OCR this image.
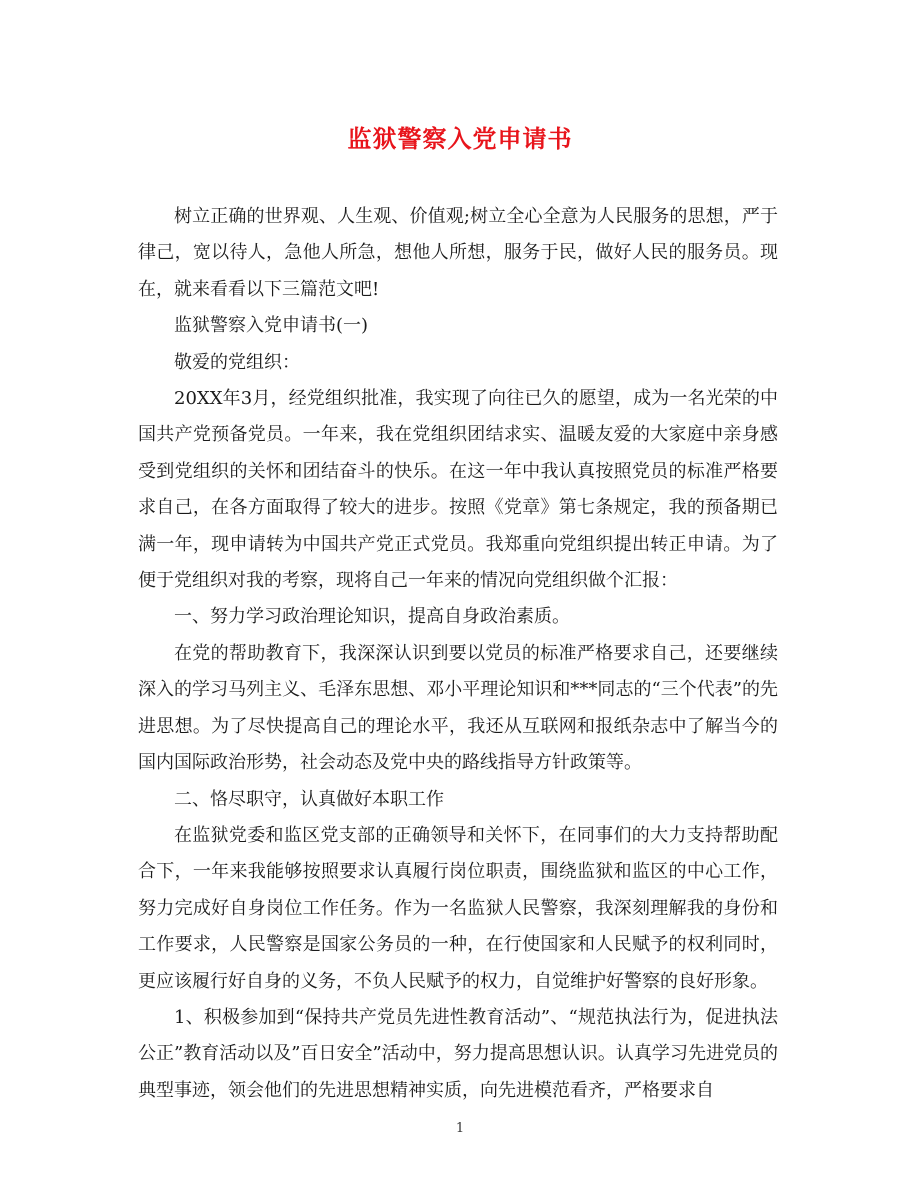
监狱警察入党申请书

树立正确的世界观、人生观、价值观;树立全心全意为人民服务的思想，严于律己，宽以待人，急他人所急，想他人所想，服务于民，做好人民的服务员。现在，就来看看以下三篇范文吧!

监狱警察入党申请书(一)

敬爱的党组织：

20XX年3月，经党组织批准，我实现了向往已久的愿望，成为一名光荣的中国共产党预备党员。一年来，我在党组织团结求实、温暖友爱的大家庭中亲身感受到党组织的关怀和团结奋斗的快乐。在这一年中我认真按照党员的标准严格要求自己，在各方面取得了较大的进步。按照《党章》第七条规定，我的预备期已满一年，现申请转为中国共产党正式党员。我郑重向党组织提出转正申请。为了便于党组织对我的考察，现将自己一年来的情况向党组织做个汇报：

一、努力学习政治理论知识，提高自身政治素质。

在党的帮助教育下，我深深认识到要以党员的标准严格要求自己，还要继续深入的学习马列主义、毛泽东思想、邓小平理论知识和***同志的“三个代表”的先进思想。为了尽快提高自己的理论水平，我还从互联网和报纸杂志中了解当今的国内国际政治形势，社会动态及党中央的路线指导方针政策等。

二、恪尽职守，认真做好本职工作

在监狱党委和监区党支部的正确领导和关怀下，在同事们的大力支持帮助配合下，一年来我能够按照要求认真履行岗位职责，围绕监狱和监区的中心工作，努力完成好自身岗位工作任务。作为一名监狱人民警察，我深刻理解我的身份和工作要求，人民警察是国家公务员的一种，在行使国家和人民赋予的权利同时，更应该履行好自身的义务，不负人民赋予的权力，自觉维护好警察的良好形象。

1、积极参加到“保持共产党员先进性教育活动”、“规范执法行为，促进执法公正”教育活动以及”百日安全”活动中，努力提高思想认识。认真学习先进党员的典型事迹，领会他们的先进思想精神实质，向先进模范看齐，严格要求自

1
